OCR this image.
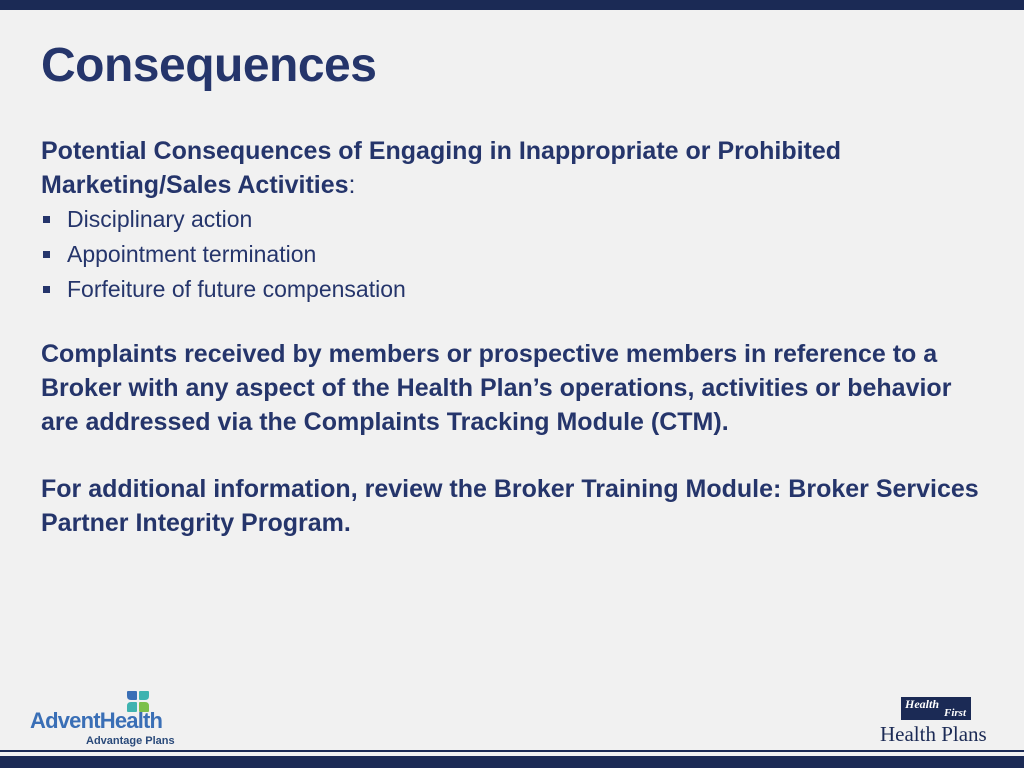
Consequences

Potential Consequences of Engaging in Inappropriate or Prohibited Marketing/Sales Activities:

Disciplinary action
Appointment termination
Forfeiture of future compensation

Complaints received by members or prospective members in reference to a Broker with any aspect of the Health Plan’s operations, activities or behavior are addressed via the Complaints Tracking Module (CTM).

For additional information, review the Broker Training Module: Broker Services Partner Integrity Program.

AdventHealth

Advantage Plans

Health
First

Health Plans
